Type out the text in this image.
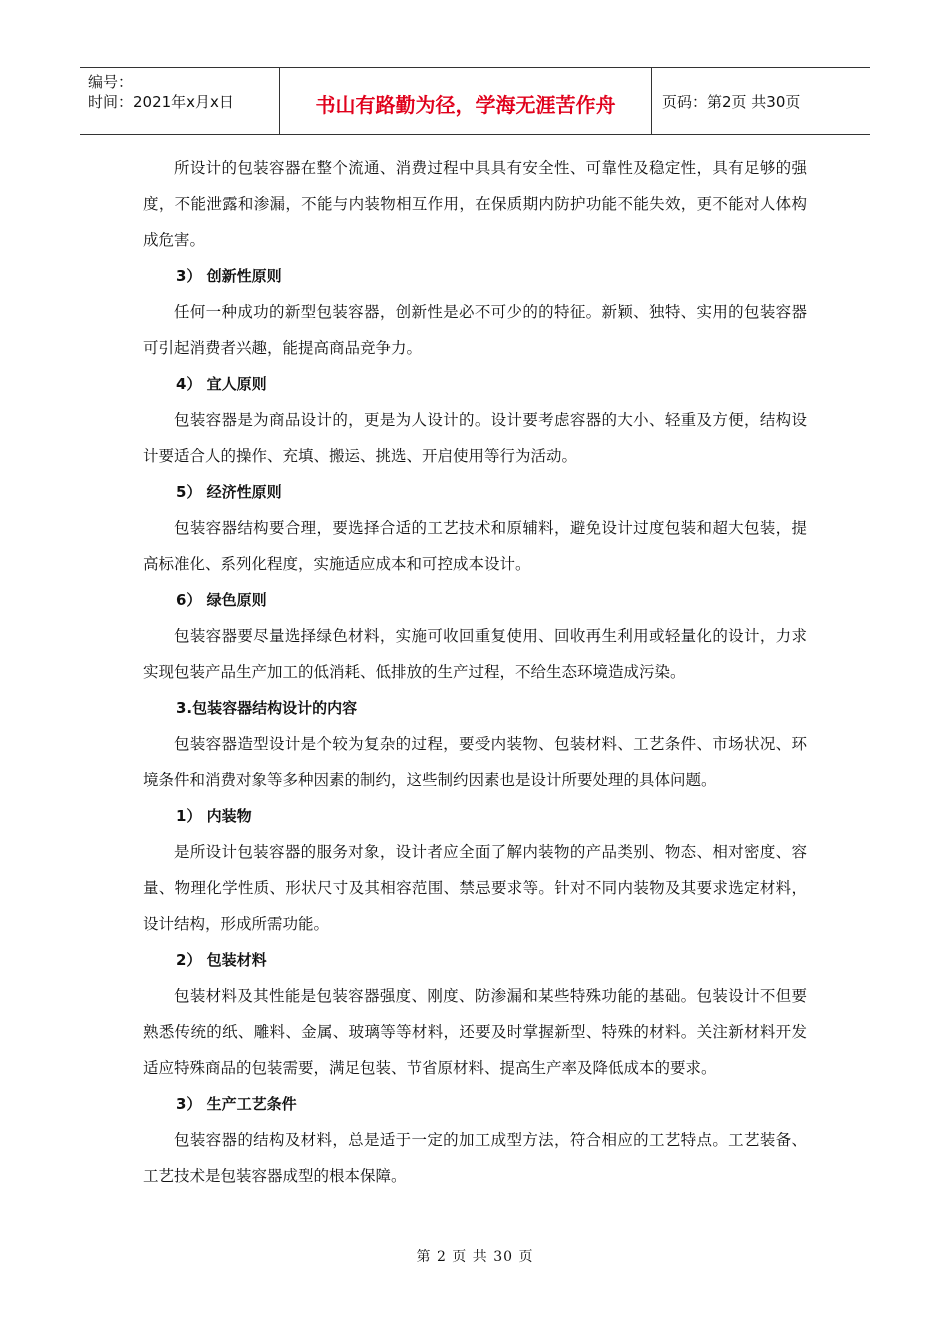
编号：
时间：2021年x月x日	书山有路勤为径，学海无涯苦作舟	页码：第2页 共30页

所设计的包装容器在整个流通、消费过程中具具有安全性、可靠性及稳定性，具有足够的强度，不能泄露和渗漏，不能与内装物相互作用，在保质期内防护功能不能失效，更不能对人体构成危害。

3） 创新性原则

任何一种成功的新型包装容器，创新性是必不可少的的特征。新颖、独特、实用的包装容器可引起消费者兴趣，能提高商品竞争力。

4） 宜人原则

包装容器是为商品设计的，更是为人设计的。设计要考虑容器的大小、轻重及方便，结构设计要适合人的操作、充填、搬运、挑选、开启使用等行为活动。

5） 经济性原则

包装容器结构要合理，要选择合适的工艺技术和原辅料，避免设计过度包装和超大包装，提高标准化、系列化程度，实施适应成本和可控成本设计。

6） 绿色原则

包装容器要尽量选择绿色材料，实施可收回重复使用、回收再生利用或轻量化的设计，力求实现包装产品生产加工的低消耗、低排放的生产过程，不给生态环境造成污染。

3.包装容器结构设计的内容

包装容器造型设计是个较为复杂的过程，要受内装物、包装材料、工艺条件、市场状况、环境条件和消费对象等多种因素的制约，这些制约因素也是设计所要处理的具体问题。

1） 内装物

是所设计包装容器的服务对象，设计者应全面了解内装物的产品类别、物态、相对密度、容量、物理化学性质、形状尺寸及其相容范围、禁忌要求等。针对不同内装物及其要求选定材料，设计结构，形成所需功能。

2） 包装材料

包装材料及其性能是包装容器强度、刚度、防渗漏和某些特殊功能的基础。包装设计不但要熟悉传统的纸、雕料、金属、玻璃等等材料，还要及时掌握新型、特殊的材料。关注新材料开发适应特殊商品的包装需要，满足包装、节省原材料、提高生产率及降低成本的要求。

3） 生产工艺条件

包装容器的结构及材料，总是适于一定的加工成型方法，符合相应的工艺特点。工艺装备、工艺技术是包装容器成型的根本保障。

第 2 页 共 30 页
